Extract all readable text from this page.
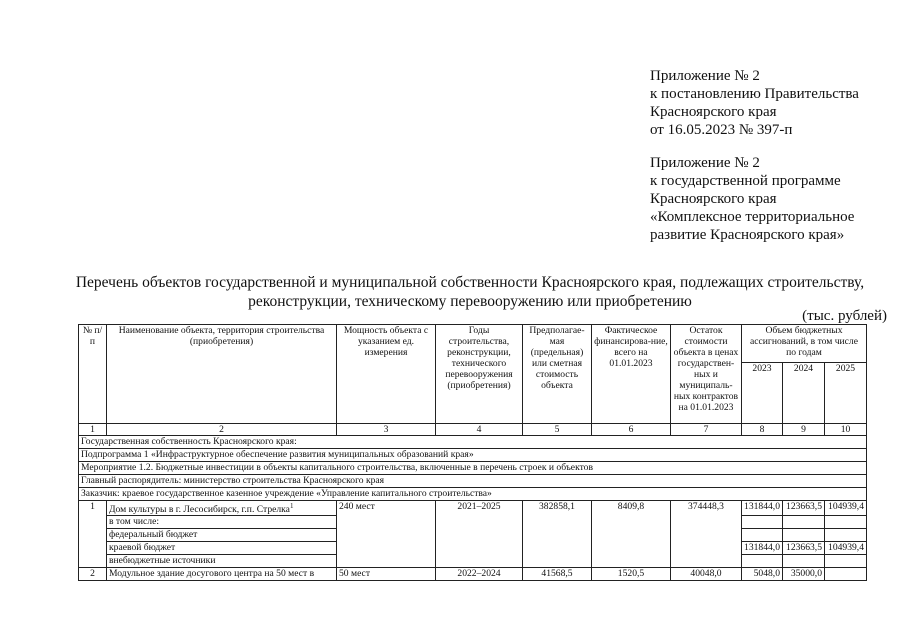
Приложение № 2
к постановлению Правительства
Красноярского края
от 16.05.2023 № 397-п
Приложение № 2
к государственной программе
Красноярского края
«Комплексное территориальное
развитие Красноярского края»
Перечень объектов государственной и муниципальной собственности Красноярского края, подлежащих строительству,
реконструкции, техническому перевооружению или приобретению
(тыс. рублей)
№ п/п	Наименование объекта, территория строительства (приобретения)	Мощность объекта с указанием ед. измерения	Годы строительства, реконструкции, технического перевооружения (приобретения)	Предполагае-мая (предельная) или сметная стоимость объекта	Фактическое финансирова-ние, всего на 01.01.2023	Остаток стоимости объекта в ценах государствен-ных и муниципаль-ных контрактов на 01.01.2023	Объем бюджетных ассигнований, в том числе по годам		
							2023	2024	2025
1	2	3	4	5	6	7	8	9	10
Государственная собственность Красноярского края:									
Подпрограмма 1 «Инфраструктурное обеспечение развития муниципальных образований края»									
Мероприятие 1.2. Бюджетные инвестиции в объекты капитального строительства, включенные в перечень строек и объектов									
Главный распорядитель: министерство строительства Красноярского края									
Заказчик: краевое государственное казенное учреждение «Управление капитального строительства»									
1	Дом культуры в г. Лесосибирск, г.п. Стрелка$^1$	240 мест	2021–2025	382858,1	8409,8	374448,3	131844,0	123663,5	104939,4
	в том числе:								
	федеральный бюджет								
	краевой бюджет						131844,0	123663,5	104939,4
	внебюджетные источники								
2	Модульное здание досугового центра на 50 мест в	50 мест	2022–2024	41568,5	1520,5	40048,0	5048,0	35000,0	
